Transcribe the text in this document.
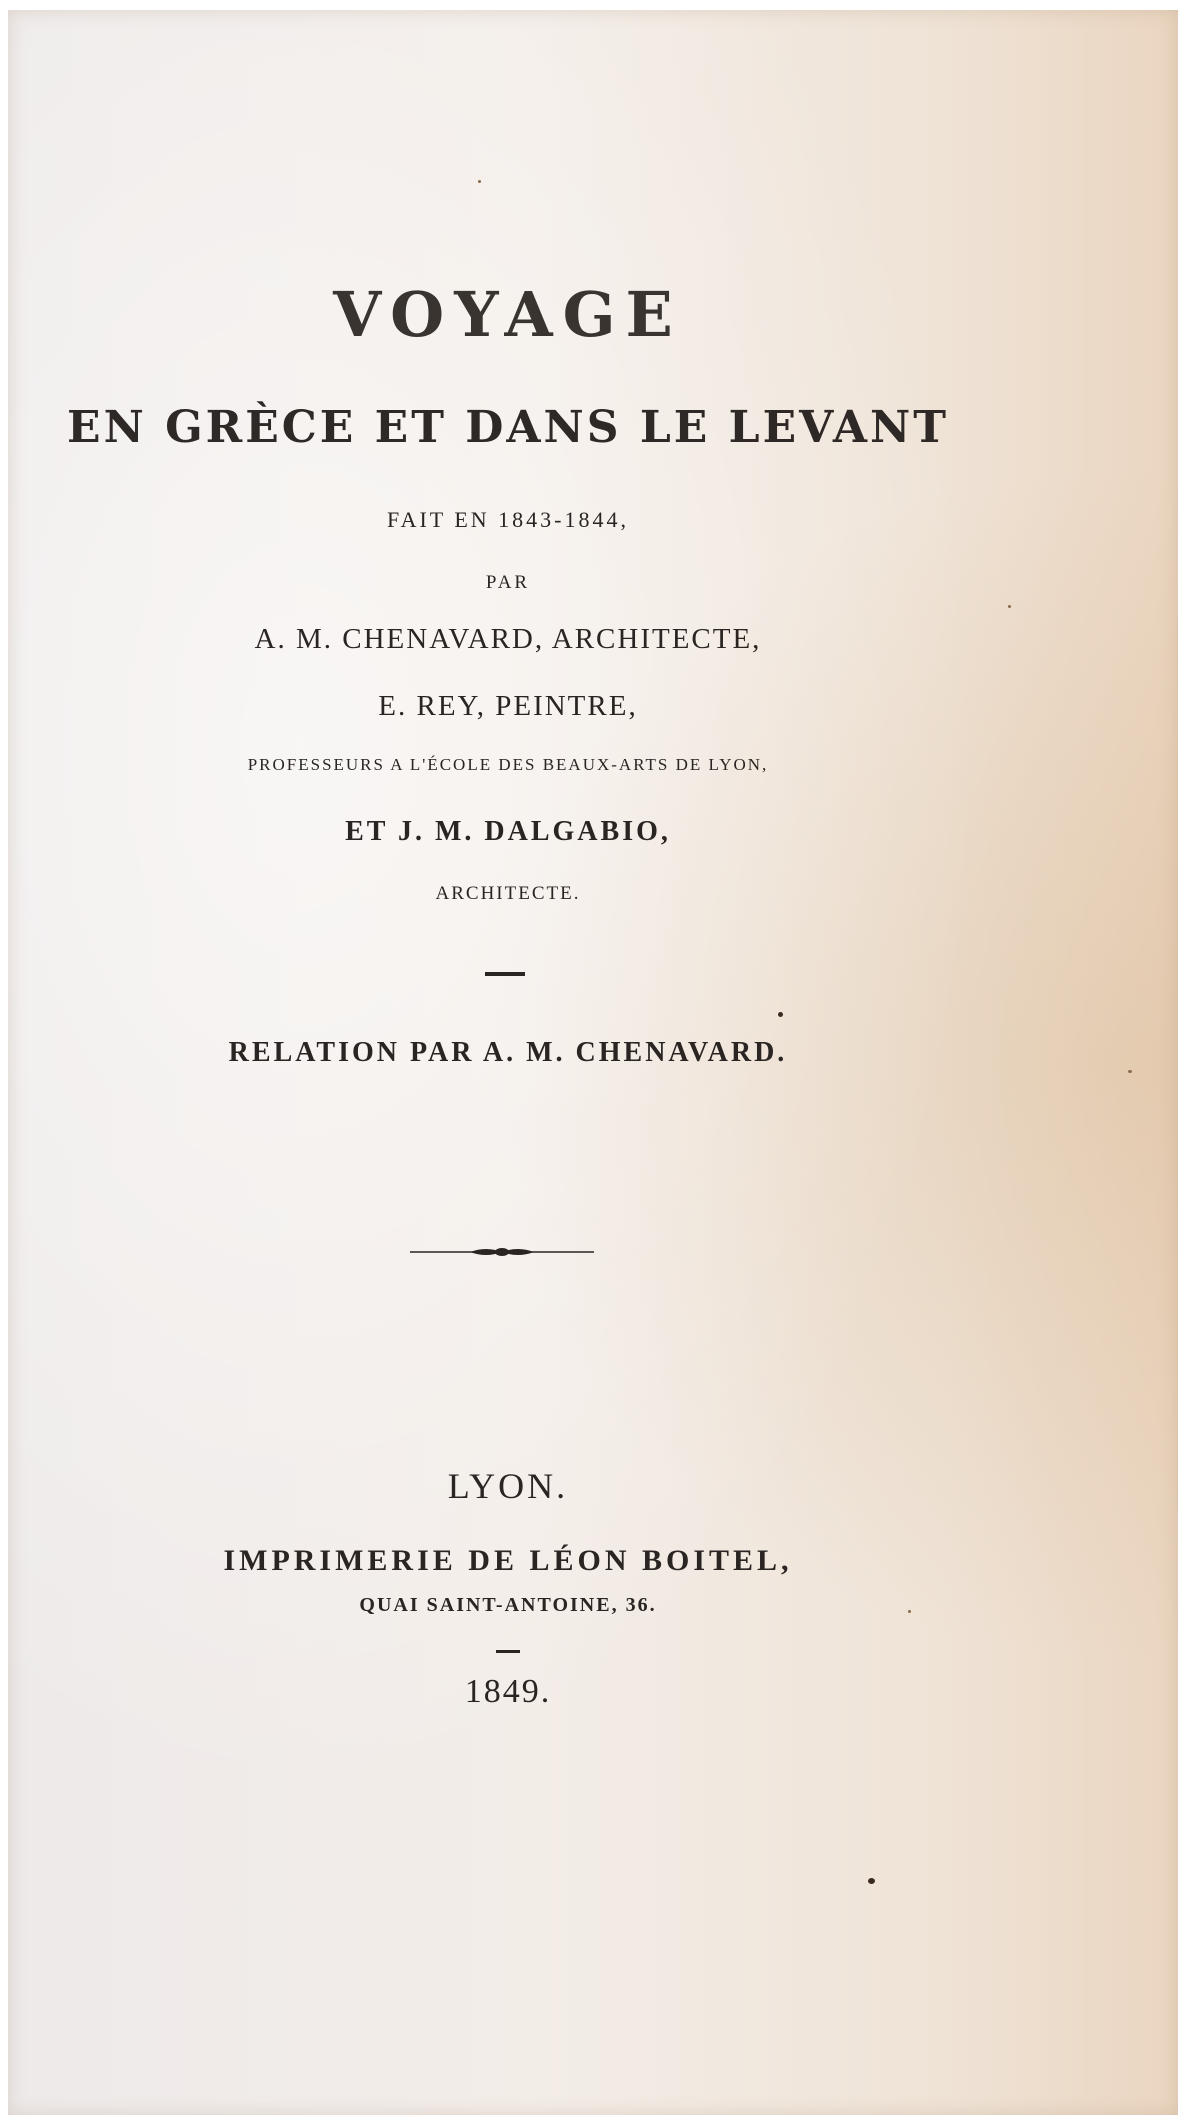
VOYAGE
EN GRÈCE ET DANS LE LEVANT
FAIT EN 1843-1844,
PAR
A. M. CHENAVARD, ARCHITECTE,
E. REY, PEINTRE,
PROFESSEURS A L'ÉCOLE DES BEAUX-ARTS DE LYON,
ET J. M. DALGABIO,
ARCHITECTE.
RELATION PAR A. M. CHENAVARD.
LYON.
IMPRIMERIE DE LÉON BOITEL,
QUAI SAINT-ANTOINE, 36.
1849.
